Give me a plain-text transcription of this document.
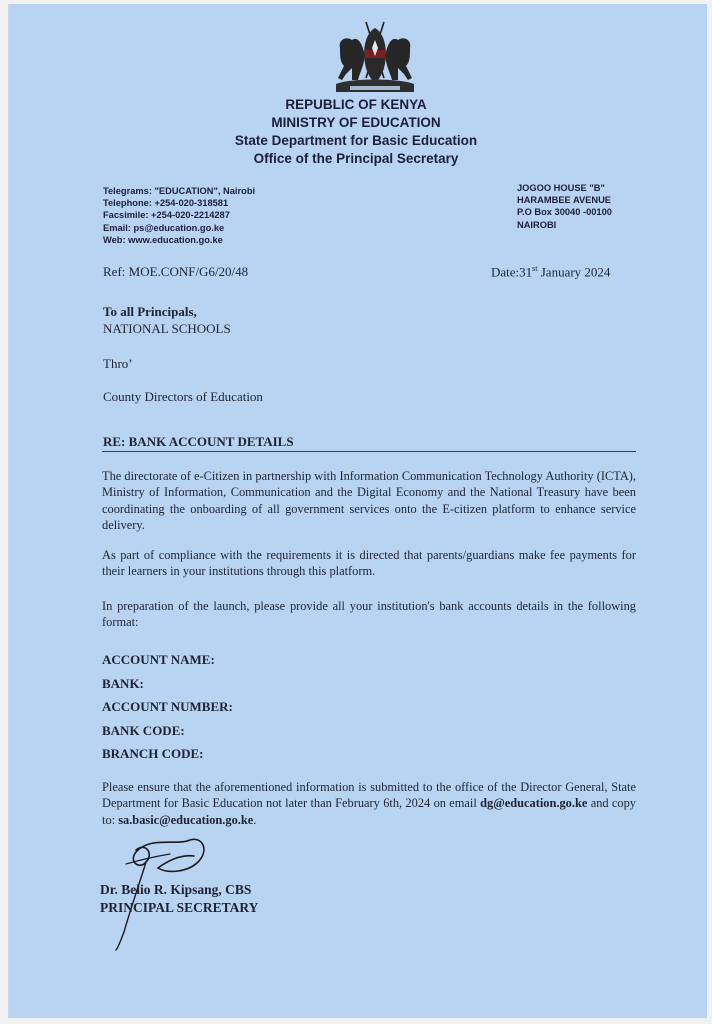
REPUBLIC OF KENYA
MINISTRY OF EDUCATION
State Department for Basic Education
Office of the Principal Secretary
Telegrams: "EDUCATION", Nairobi
Telephone: +254-020-318581
Facsimile: +254-020-2214287
Email: ps@education.go.ke
Web: www.education.go.ke
JOGOO HOUSE "B"
HARAMBEE AVENUE
P.O Box 30040 -00100
NAIROBI
Ref: MOE.CONF/G6/20/48	Date:31st January 2024
To all Principals,
NATIONAL SCHOOLS
Thro’
County Directors of Education
RE: BANK ACCOUNT DETAILS
The directorate of e-Citizen in partnership with Information Communication Technology Authority (ICTA), Ministry of Information, Communication and the Digital Economy and the National Treasury have been coordinating the onboarding of all government services onto the E-citizen platform to enhance service delivery.
As part of compliance with the requirements it is directed that parents/guardians make fee payments for their learners in your institutions through this platform.
In preparation of the launch, please provide all your institution's bank accounts details in the following format:
ACCOUNT NAME:
BANK:
ACCOUNT NUMBER:
BANK CODE:
BRANCH CODE:
Please ensure that the aforementioned information is submitted to the office of the Director General, State Department for Basic Education not later than February 6th, 2024 on email dg@education.go.ke and copy to: sa.basic@education.go.ke.
Dr. Belio R. Kipsang, CBS
PRINCIPAL SECRETARY
